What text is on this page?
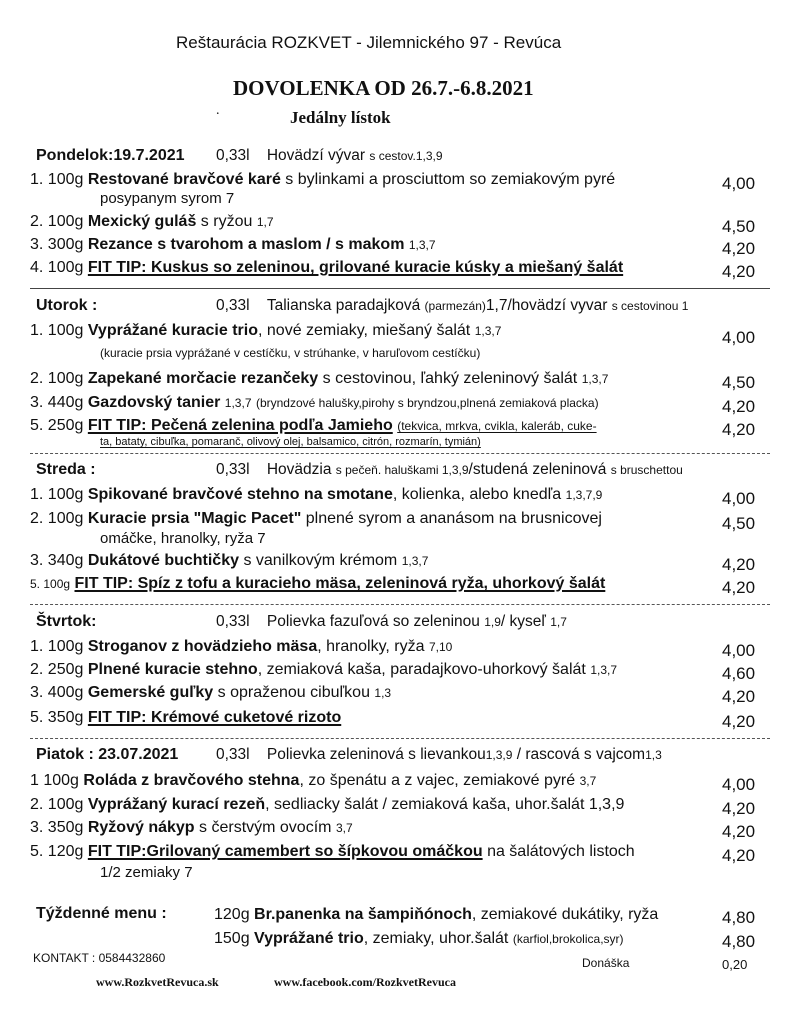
Reštaurácia ROZKVET - Jilemnického 97 - Revúca
DOVOLENKA OD 26.7.-6.8.2021
.	Jedálny lístok
Pondelok:19.7.2021 0,33l Hovädzí vývar s cestov.1,3,9
1. 100g Restované bravčové karé s bylinkami a prosciuttom so zemiakovým pyré
posypanym syrom 7
4,00
2. 100g Mexický guláš s ryžou 1,7	4,50
3. 300g Rezance s tvarohom a maslom / s makom 1,3,7	4,20
4. 100g FIT TIP: Kuskus so zeleninou, grilované kuracie kúsky a miešaný šalát	4,20
Utorok :	0,33l Talianska paradajková (parmezán)1,7/hovädzí vyvar s cestovinou 1
1. 100g Vyprážané kuracie trio, nové zemiaky, miešaný šalát 1,3,7
(kuracie prsia vyprážané v cestíčku, v strúhanke, v haruľovom cestíčku)
4,00
2. 100g Zapekané morčacie rezančeky s cestovinou, ľahký zeleninový šalát 1,3,7	4,50
3. 440g Gazdovský tanier 1,3,7 (bryndzové halušky,pirohy s bryndzou,plnená zemiaková placka)	4,20
5. 250g FIT TIP: Pečená zelenina podľa Jamieho (tekvica, mrkva, cvikla, kaleráb, cuke-
ta, bataty, cibuľka, pomaranč, olivový olej, balsamico, citrón, rozmarín, tymián)
4,20
Streda :	0,33l Hovädzia s pečeň. haluškami 1,3,9/studená zeleninová s bruschettou
1. 100g Spikované bravčové stehno na smotane, kolienka, alebo knedľa 1,3,7,9	4,00
2. 100g Kuracie prsia "Magic Pacet" plnené syrom a ananásom na brusnicovej
omáčke, hranolky, ryža 7
4,50
3. 340g Dukátové buchtičky s vanilkovým krémom 1,3,7	4,20
5. 100g FIT TIP: Spíz z tofu a kuracieho mäsa, zeleninová ryža, uhorkový šalát	4,20
Štvrtok:	0,33l Polievka fazuľová so zeleninou 1,9/ kyseľ 1,7
1. 100g Stroganov z hovädzieho mäsa, hranolky, ryža 7,10	4,00
2. 250g Plnené kuracie stehno, zemiaková kaša, paradajkovo-uhorkový šalát 1,3,7	4,60
3. 400g Gemerské guľky s opraženou cibuľkou 1,3	4,20
5. 350g FIT TIP: Krémové cuketové rizoto	4,20
Piatok : 23.07.2021 0,33l Polievka zeleninová s lievankou1,3,9 / rascová s vajcom1,3
1 100g Roláda z bravčového stehna, zo špenátu a z vajec, zemiakové pyré 3,7	4,00
2. 100g Vyprážaný kurací rezeň, sedliacky šalát / zemiaková kaša, uhor.šalát 1,3,9	4,20
3. 350g Ryžový nákyp s čerstvým ovocím 3,7	4,20
5. 120g FIT TIP:Grilovaný camembert so šípkovou omáčkou na šalátových listoch
1/2 zemiaky 7
4,20
Týždenné menu :	120g Br.panenka na šampiňónoch, zemiakové dukátiky, ryža	4,80
150g Vyprážané trio, zemiaky, uhor.šalát (karfiol,brokolica,syr)	4,80
KONTAKT : 0584432860	Donáška	0,20
www.RozkvetRevuca.sk	www.facebook.com/RozkvetRevuca
